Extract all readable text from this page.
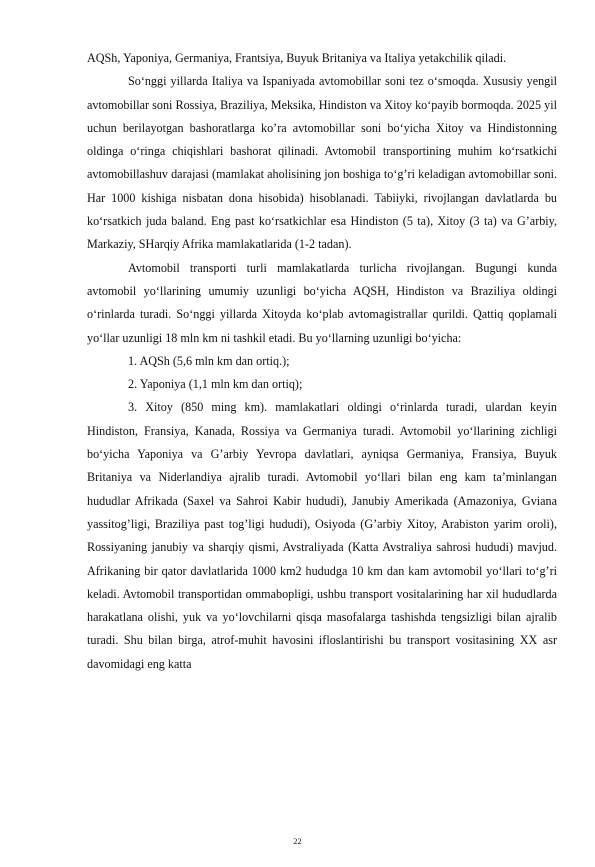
AQSh, Yaponiya, Germaniya, Frantsiya, Buyuk Britaniya va Italiya yetakchilik qiladi.

So‘nggi yillarda Italiya va Ispaniyada avtomobillar soni tez o‘smoqda. Xususiy yengil avtomobillar soni Rossiya, Braziliya, Meksika, Hindiston va Xitoy ko‘payib bormoqda. 2025 yil uchun berilayotgan bashoratlarga ko’ra avtomobillar soni bo‘yicha Xitoy va Hindistonning oldinga o‘ringa chiqishlari bashorat qilinadi. Avtomobil transportining muhim ko‘rsatkichi avtomobillashuv darajasi (mamlakat aholisining jon boshiga to‘g’ri keladigan avtomobillar soni. Har 1000 kishiga nisbatan dona hisobida) hisoblanadi. Tabiiyki, rivojlangan davlatlarda bu ko‘rsatkich juda baland. Eng past ko‘rsatkichlar esa Hindiston (5 ta), Xitoy (3 ta) va G’arbiy, Markaziy, SHarqiy Afrika mamlakatlarida (1-2 tadan).

Avtomobil transporti turli mamlakatlarda turlicha rivojlangan. Bugungi kunda avtomobil yo‘llarining umumiy uzunligi bo‘yicha AQSH, Hindiston va Braziliya oldingi o‘rinlarda turadi. So‘nggi yillarda Xitoyda ko‘plab avtomagistrallar qurildi. Qattiq qoplamali yo‘llar uzunligi 18 mln km ni tashkil etadi. Bu yo‘llarning uzunligi bo‘yicha:

1. AQSh (5,6 mln km dan ortiq.);

2. Yaponiya (1,1 mln km dan ortiq);

3. Xitoy (850 ming km). mamlakatlari oldingi o‘rinlarda turadi, ulardan keyin Hindiston, Fransiya, Kanada, Rossiya va Germaniya turadi. Avtomobil yo‘llarining zichligi bo‘yicha Yaponiya va G’arbiy Yevropa davlatlari, ayniqsa Germaniya, Fransiya, Buyuk Britaniya va Niderlandiya ajralib turadi. Avtomobil yo‘llari bilan eng kam ta’minlangan hududlar Afrikada (Saxel va Sahroi Kabir hududi), Janubiy Amerikada (Amazoniya, Gviana yassitog’ligi, Braziliya past tog’ligi hududi), Osiyoda (G’arbiy Xitoy, Arabiston yarim oroli), Rossiyaning janubiy va sharqiy qismi, Avstraliyada (Katta Avstraliya sahrosi hududi) mavjud. Afrikaning bir qator davlatlarida 1000 km2 hududga 10 km dan kam avtomobil yo‘llari to‘g’ri keladi. Avtomobil transportidan ommabopligi, ushbu transport vositalarining har xil hududlarda harakatlana olishi, yuk va yo‘lovchilarni qisqa masofalarga tashishda tengsizligi bilan ajralib turadi. Shu bilan birga, atrof-muhit havosini ifloslantirishi bu transport vositasining XX asr davomidagi eng katta

22
